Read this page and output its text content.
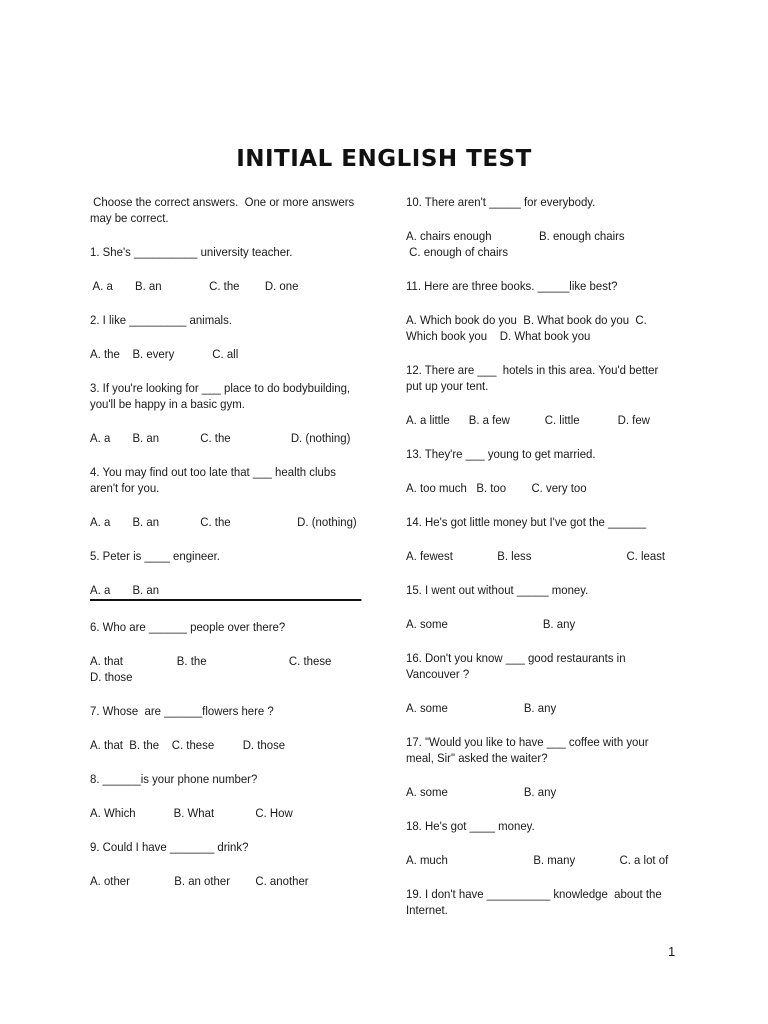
INITIAL ENGLISH TEST
Choose the correct answers.  One or more answers
may be correct.
1. She's __________ university teacher.
A. a       B. an               C. the        D. one
2. I like _________ animals.
A. the    B. every            C. all
3. If you're looking for ___ place to do bodybuilding,
you'll be happy in a basic gym.
A. a       B. an             C. the                   D. (nothing)
4. You may find out too late that ___ health clubs
aren't for you.
A. a       B. an             C. the                     D. (nothing)
5. Peter is ____ engineer.
A. a       B. an
6. Who are ______ people over there?
A. that                 B. the                          C. these
D. those
7. Whose  are ______flowers here ?
A. that  B. the    C. these         D. those
8. ______is your phone number?
A. Which            B. What             C. How
9. Could I have _______ drink?
A. other              B. an other        C. another
10. There aren't _____ for everybody.
A. chairs enough               B. enough chairs
C. enough of chairs
11. Here are three books. _____like best?
A. Which book do you  B. What book do you  C.
Which book you    D. What book you
12. There are ___  hotels in this area. You'd better
put up your tent.
A. a little      B. a few           C. little            D. few
13. They're ___ young to get married.
A. too much   B. too        C. very too
14. He's got little money but I've got the ______
A. fewest              B. less                              C. least
15. I went out without _____ money.
A. some                              B. any
16. Don't you know ___ good restaurants in
Vancouver ?
A. some                        B. any
17. "Would you like to have ___ coffee with your
meal, Sir" asked the waiter?
A. some                        B. any
18. He's got ____ money.
A. much                           B. many              C. a lot of
19. I don't have __________ knowledge  about the
Internet.
1
